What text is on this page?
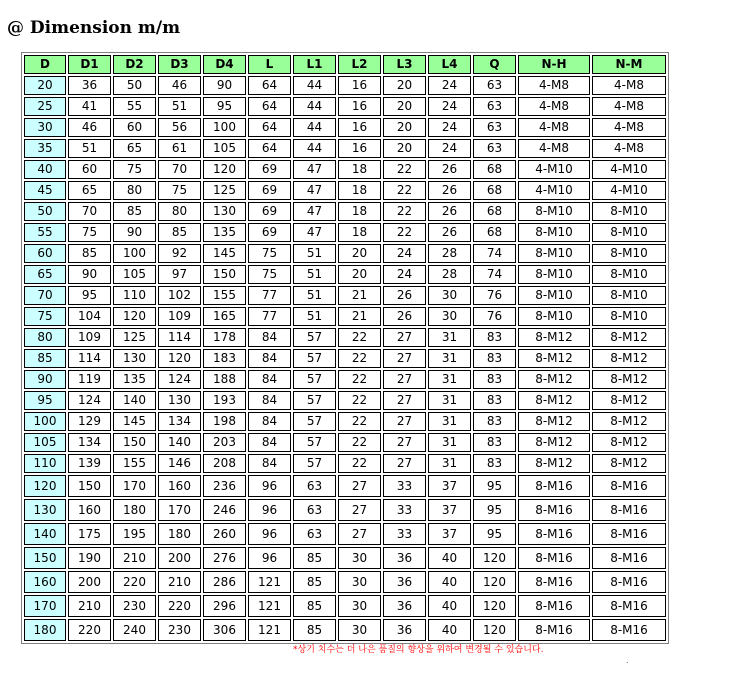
@ Dimension m/m
D	D1	D2	D3	D4	L	L1	L2	L3	L4	Q	N-H	N-M
20	36	50	46	90	64	44	16	20	24	63	4-M8	4-M8
25	41	55	51	95	64	44	16	20	24	63	4-M8	4-M8
30	46	60	56	100	64	44	16	20	24	63	4-M8	4-M8
35	51	65	61	105	64	44	16	20	24	63	4-M8	4-M8
40	60	75	70	120	69	47	18	22	26	68	4-M10	4-M10
45	65	80	75	125	69	47	18	22	26	68	4-M10	4-M10
50	70	85	80	130	69	47	18	22	26	68	8-M10	8-M10
55	75	90	85	135	69	47	18	22	26	68	8-M10	8-M10
60	85	100	92	145	75	51	20	24	28	74	8-M10	8-M10
65	90	105	97	150	75	51	20	24	28	74	8-M10	8-M10
70	95	110	102	155	77	51	21	26	30	76	8-M10	8-M10
75	104	120	109	165	77	51	21	26	30	76	8-M10	8-M10
80	109	125	114	178	84	57	22	27	31	83	8-M12	8-M12
85	114	130	120	183	84	57	22	27	31	83	8-M12	8-M12
90	119	135	124	188	84	57	22	27	31	83	8-M12	8-M12
95	124	140	130	193	84	57	22	27	31	83	8-M12	8-M12
100	129	145	134	198	84	57	22	27	31	83	8-M12	8-M12
105	134	150	140	203	84	57	22	27	31	83	8-M12	8-M12
110	139	155	146	208	84	57	22	27	31	83	8-M12	8-M12
120	150	170	160	236	96	63	27	33	37	95	8-M16	8-M16
130	160	180	170	246	96	63	27	33	37	95	8-M16	8-M16
140	175	195	180	260	96	63	27	33	37	95	8-M16	8-M16
150	190	210	200	276	96	85	30	36	40	120	8-M16	8-M16
160	200	220	210	286	121	85	30	36	40	120	8-M16	8-M16
170	210	230	220	296	121	85	30	36	40	120	8-M16	8-M16
180	220	240	230	306	121	85	30	36	40	120	8-M16	8-M16
*상기 치수는 더 나은 품질의 향상을 위하여 변경될 수 있습니다.
.
